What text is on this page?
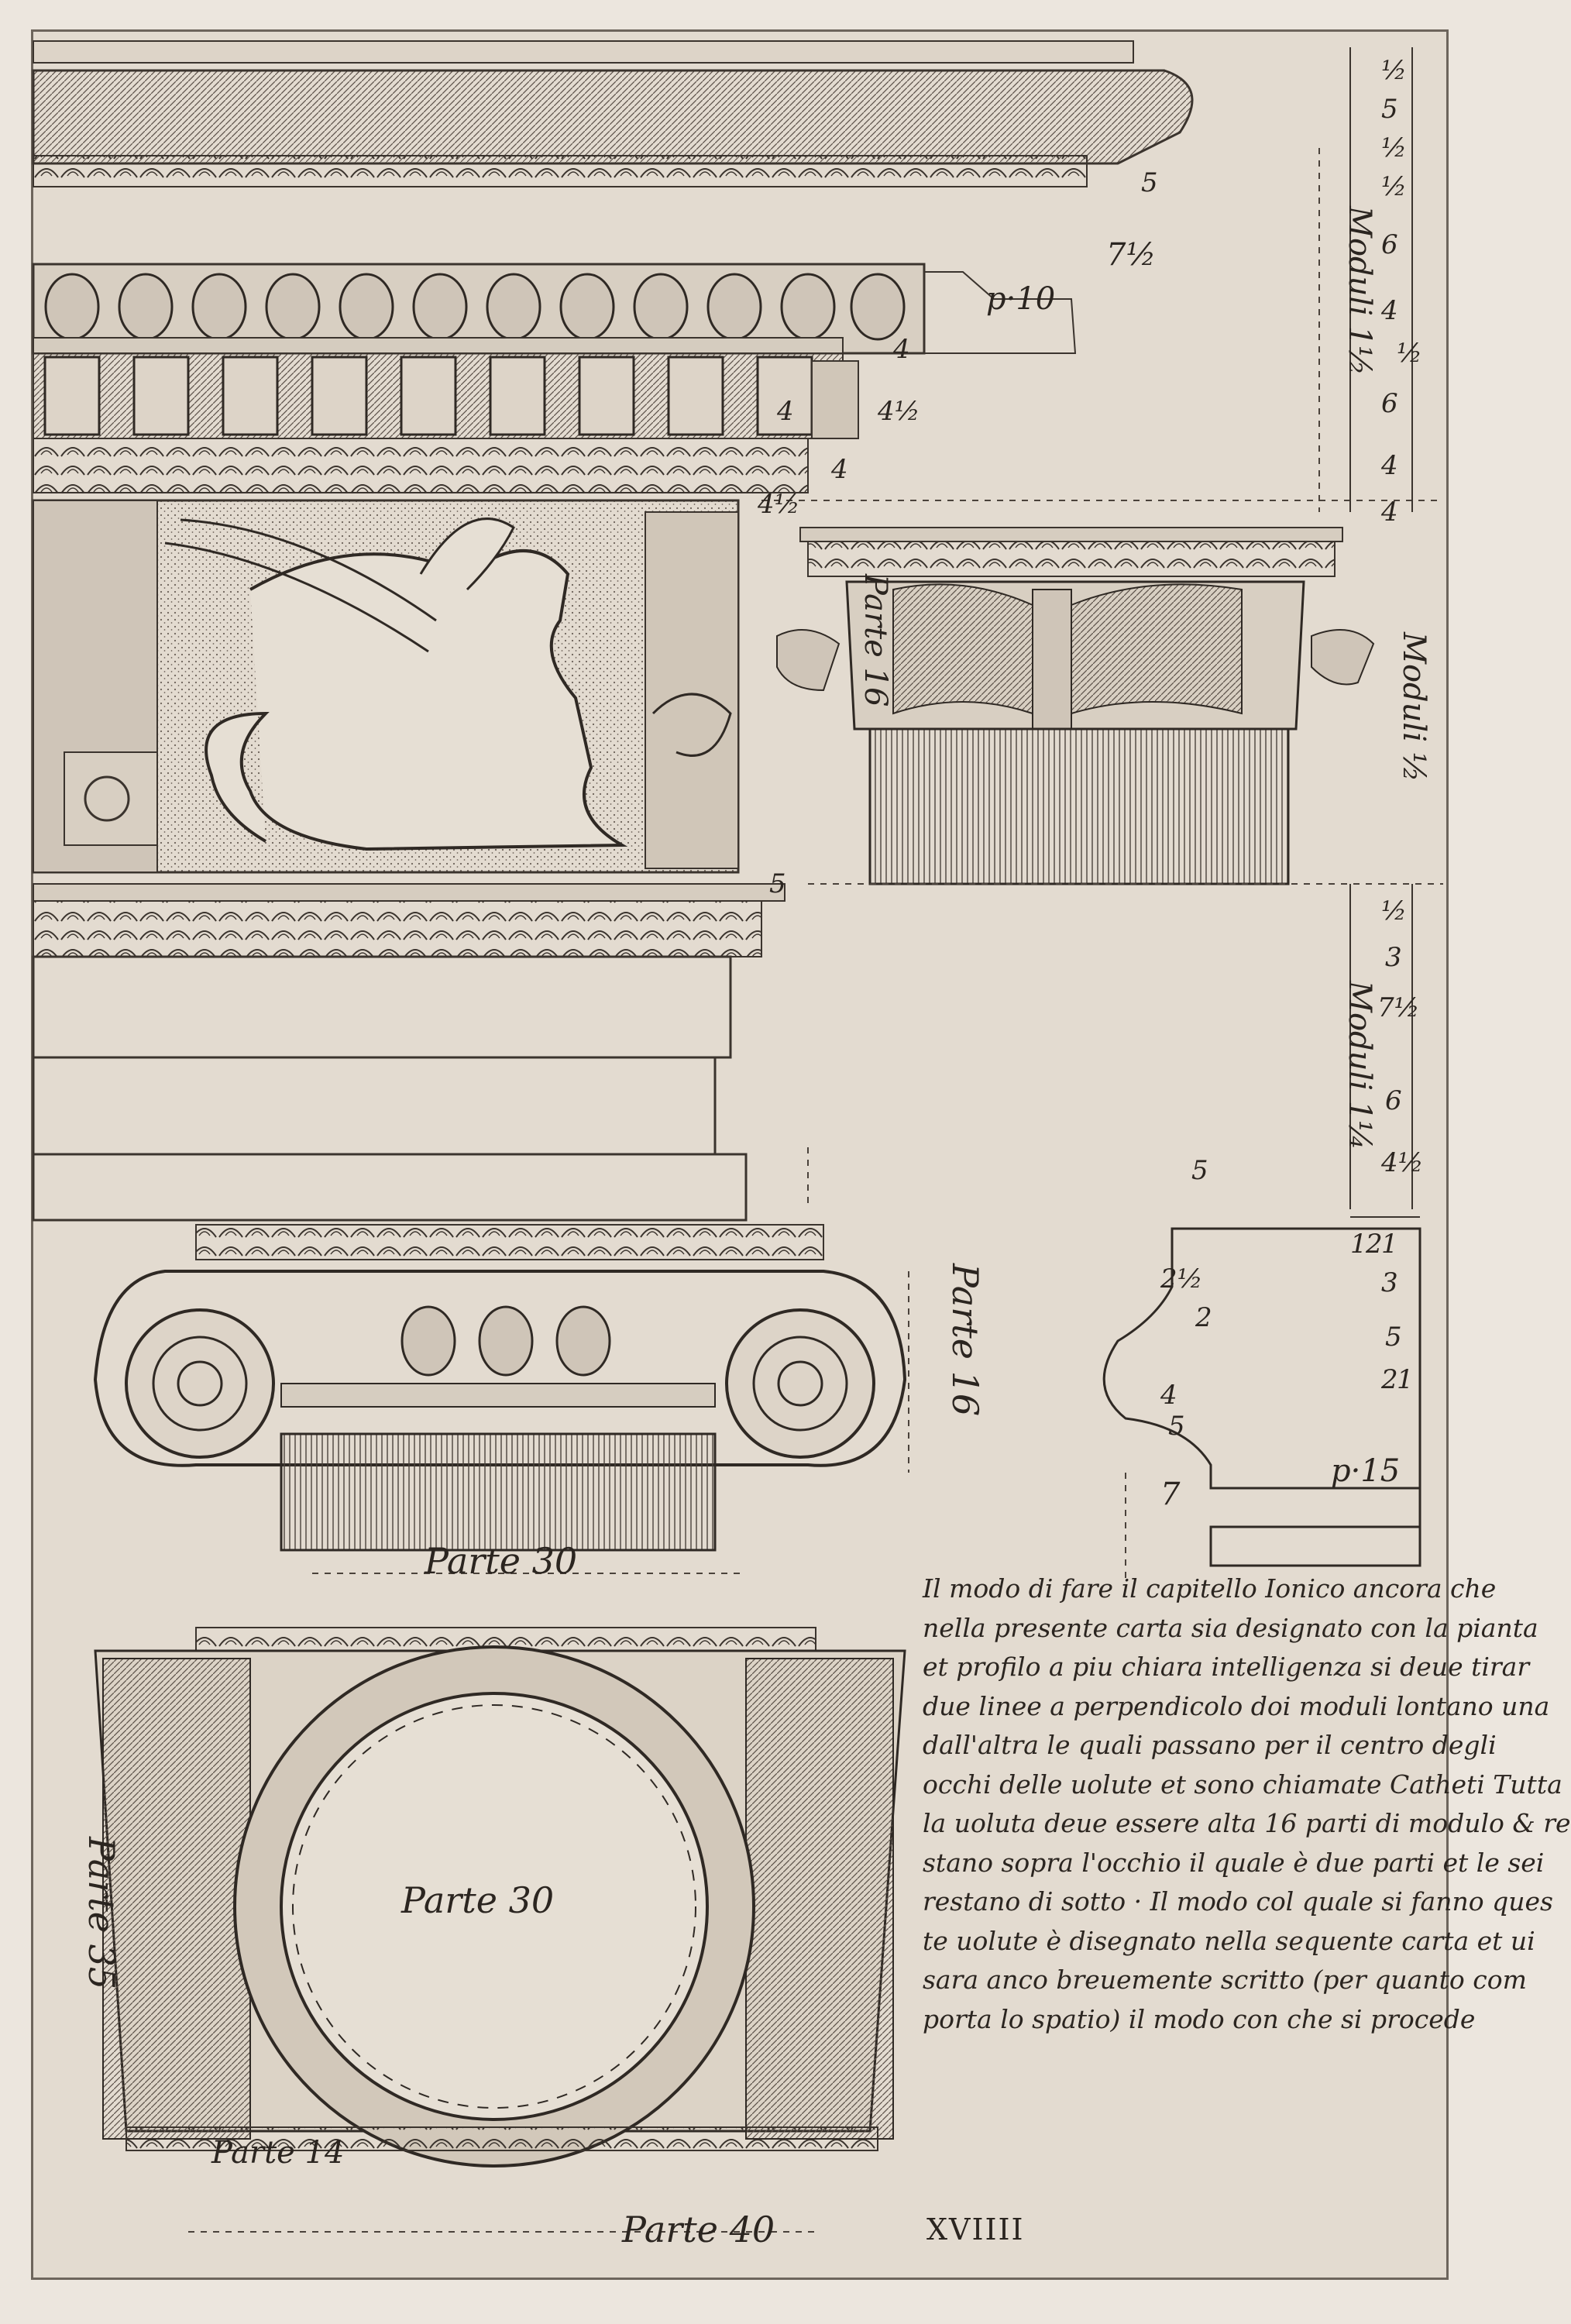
Moduli 1½
Moduli ½
Moduli 1¼
p·10
p·15
Parte 16
Parte 16
Parte 30
Parte 30
Parte 35
Parte 14
Parte 40
½
5
½
½
6
4
½
6
4
4
4
4½
4
4½
4
7½
5
5
½
3
7½
6
4½
5
1
2
1
3
2½
2
4
5
2
1
5
7
Il modo di fare il capitello Ionico ancora che
nella presente carta sia designato con la pianta
et profilo a piu chiara intelligenza si deue tirar
due linee a perpendicolo doi moduli lontano una
dall'altra le quali passano per il centro degli
occhi delle uolute et sono chiamate Catheti Tutta
la uoluta deue essere alta 16 parti di modulo & re
stano sopra l'occhio il quale è due parti et le sei
restano di sotto · Il modo col quale si fanno ques
te uolute è disegnato nella sequente carta et ui
sara anco breuemente scritto (per quanto com
porta lo spatio) il modo con che si procede
XVIIII
